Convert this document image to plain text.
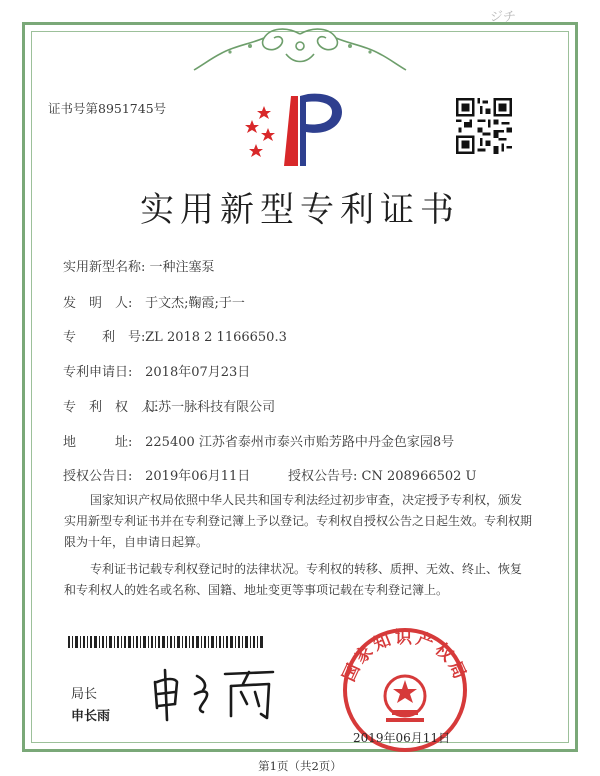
ジチ
证书号第8951745号
实用新型专利证书
实用新型名称: 一种注塞泵
发　明　人: 于文杰;鞠霞;于一
专　　利　号: ZL 2018 2 1166650.3
专利申请日: 2018年07月23日
专　利　权　人: 江苏一脉科技有限公司
地　　　址: 225400 江苏省泰州市泰兴市贻芳路中丹金色家园8号
授权公告日: 2019年06月11日	授权公告号: CN 208966502 U
国家知识产权局依照中华人民共和国专利法经过初步审查，决定授予专利权，颁发实用新型专利证书并在专利登记簿上予以登记。专利权自授权公告之日起生效。专利权期限为十年，自申请日起算。
专利证书记载专利权登记时的法律状况。专利权的转移、质押、无效、终止、恢复和专利权人的姓名或名称、国籍、地址变更等事项记载在专利登记簿上。
局长
申长雨
国家知识产权局
2019年06月11日
第1页（共2页）
